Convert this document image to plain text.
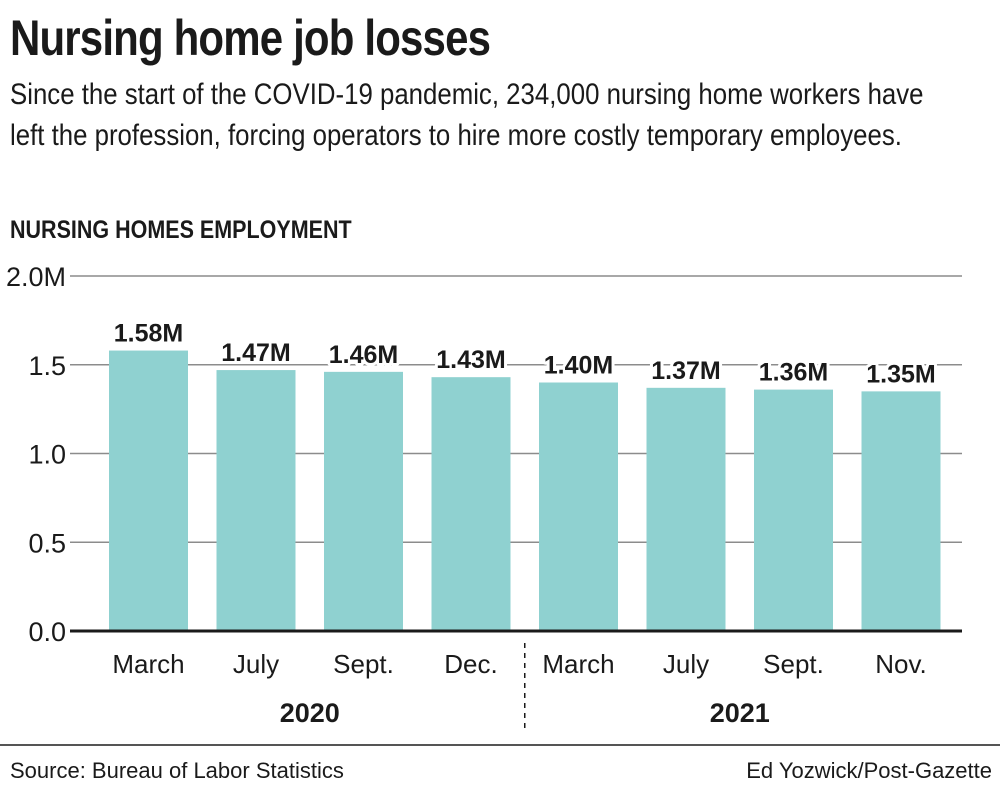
Nursing home job losses

Since the start of the COVID-19 pandemic, 234,000 nursing home workers have left the profession, forcing operators to hire more costly temporary employees.

NURSING HOMES EMPLOYMENT
0.0
0.5
1.0
1.5
2.0M
1.58M
March
1.47M
July
1.46M
Sept.
1.43M
Dec.
1.40M
March
1.37M
July
1.36M
Sept.
1.35M
Nov.
2020	2021
Source: Bureau of Labor Statistics	Ed Yozwick/Post-Gazette
